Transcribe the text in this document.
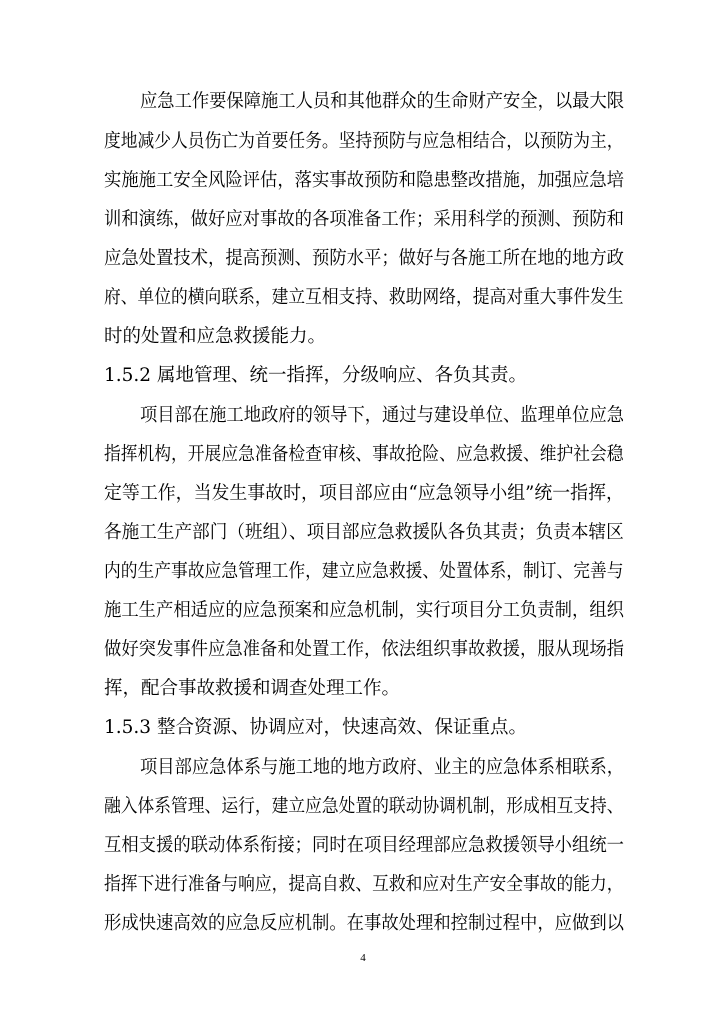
应急工作要保障施工人员和其他群众的生命财产安全，以最大限
度地减少人员伤亡为首要任务。坚持预防与应急相结合，以预防为主，
实施施工安全风险评估，落实事故预防和隐患整改措施，加强应急培
训和演练，做好应对事故的各项准备工作；采用科学的预测、预防和
应急处置技术，提高预测、预防水平；做好与各施工所在地的地方政
府、单位的横向联系，建立互相支持、救助网络，提高对重大事件发生
时的处置和应急救援能力。
1.5.2 属地管理、统一指挥，分级响应、各负其责。
项目部在施工地政府的领导下，通过与建设单位、监理单位应急
指挥机构，开展应急准备检查审核、事故抢险、应急救援、维护社会稳
定等工作，当发生事故时，项目部应由“应急领导小组”统一指挥，
各施工生产部门（班组）、项目部应急救援队各负其责；负责本辖区
内的生产事故应急管理工作，建立应急救援、处置体系，制订、完善与
施工生产相适应的应急预案和应急机制，实行项目分工负责制，组织
做好突发事件应急准备和处置工作，依法组织事故救援，服从现场指
挥，配合事故救援和调查处理工作。
1.5.3 整合资源、协调应对，快速高效、保证重点。
项目部应急体系与施工地的地方政府、业主的应急体系相联系，
融入体系管理、运行，建立应急处置的联动协调机制，形成相互支持、
互相支援的联动体系衔接；同时在项目经理部应急救援领导小组统一
指挥下进行准备与响应，提高自救、互救和应对生产安全事故的能力，
形成快速高效的应急反应机制。在事故处理和控制过程中，应做到以
4
